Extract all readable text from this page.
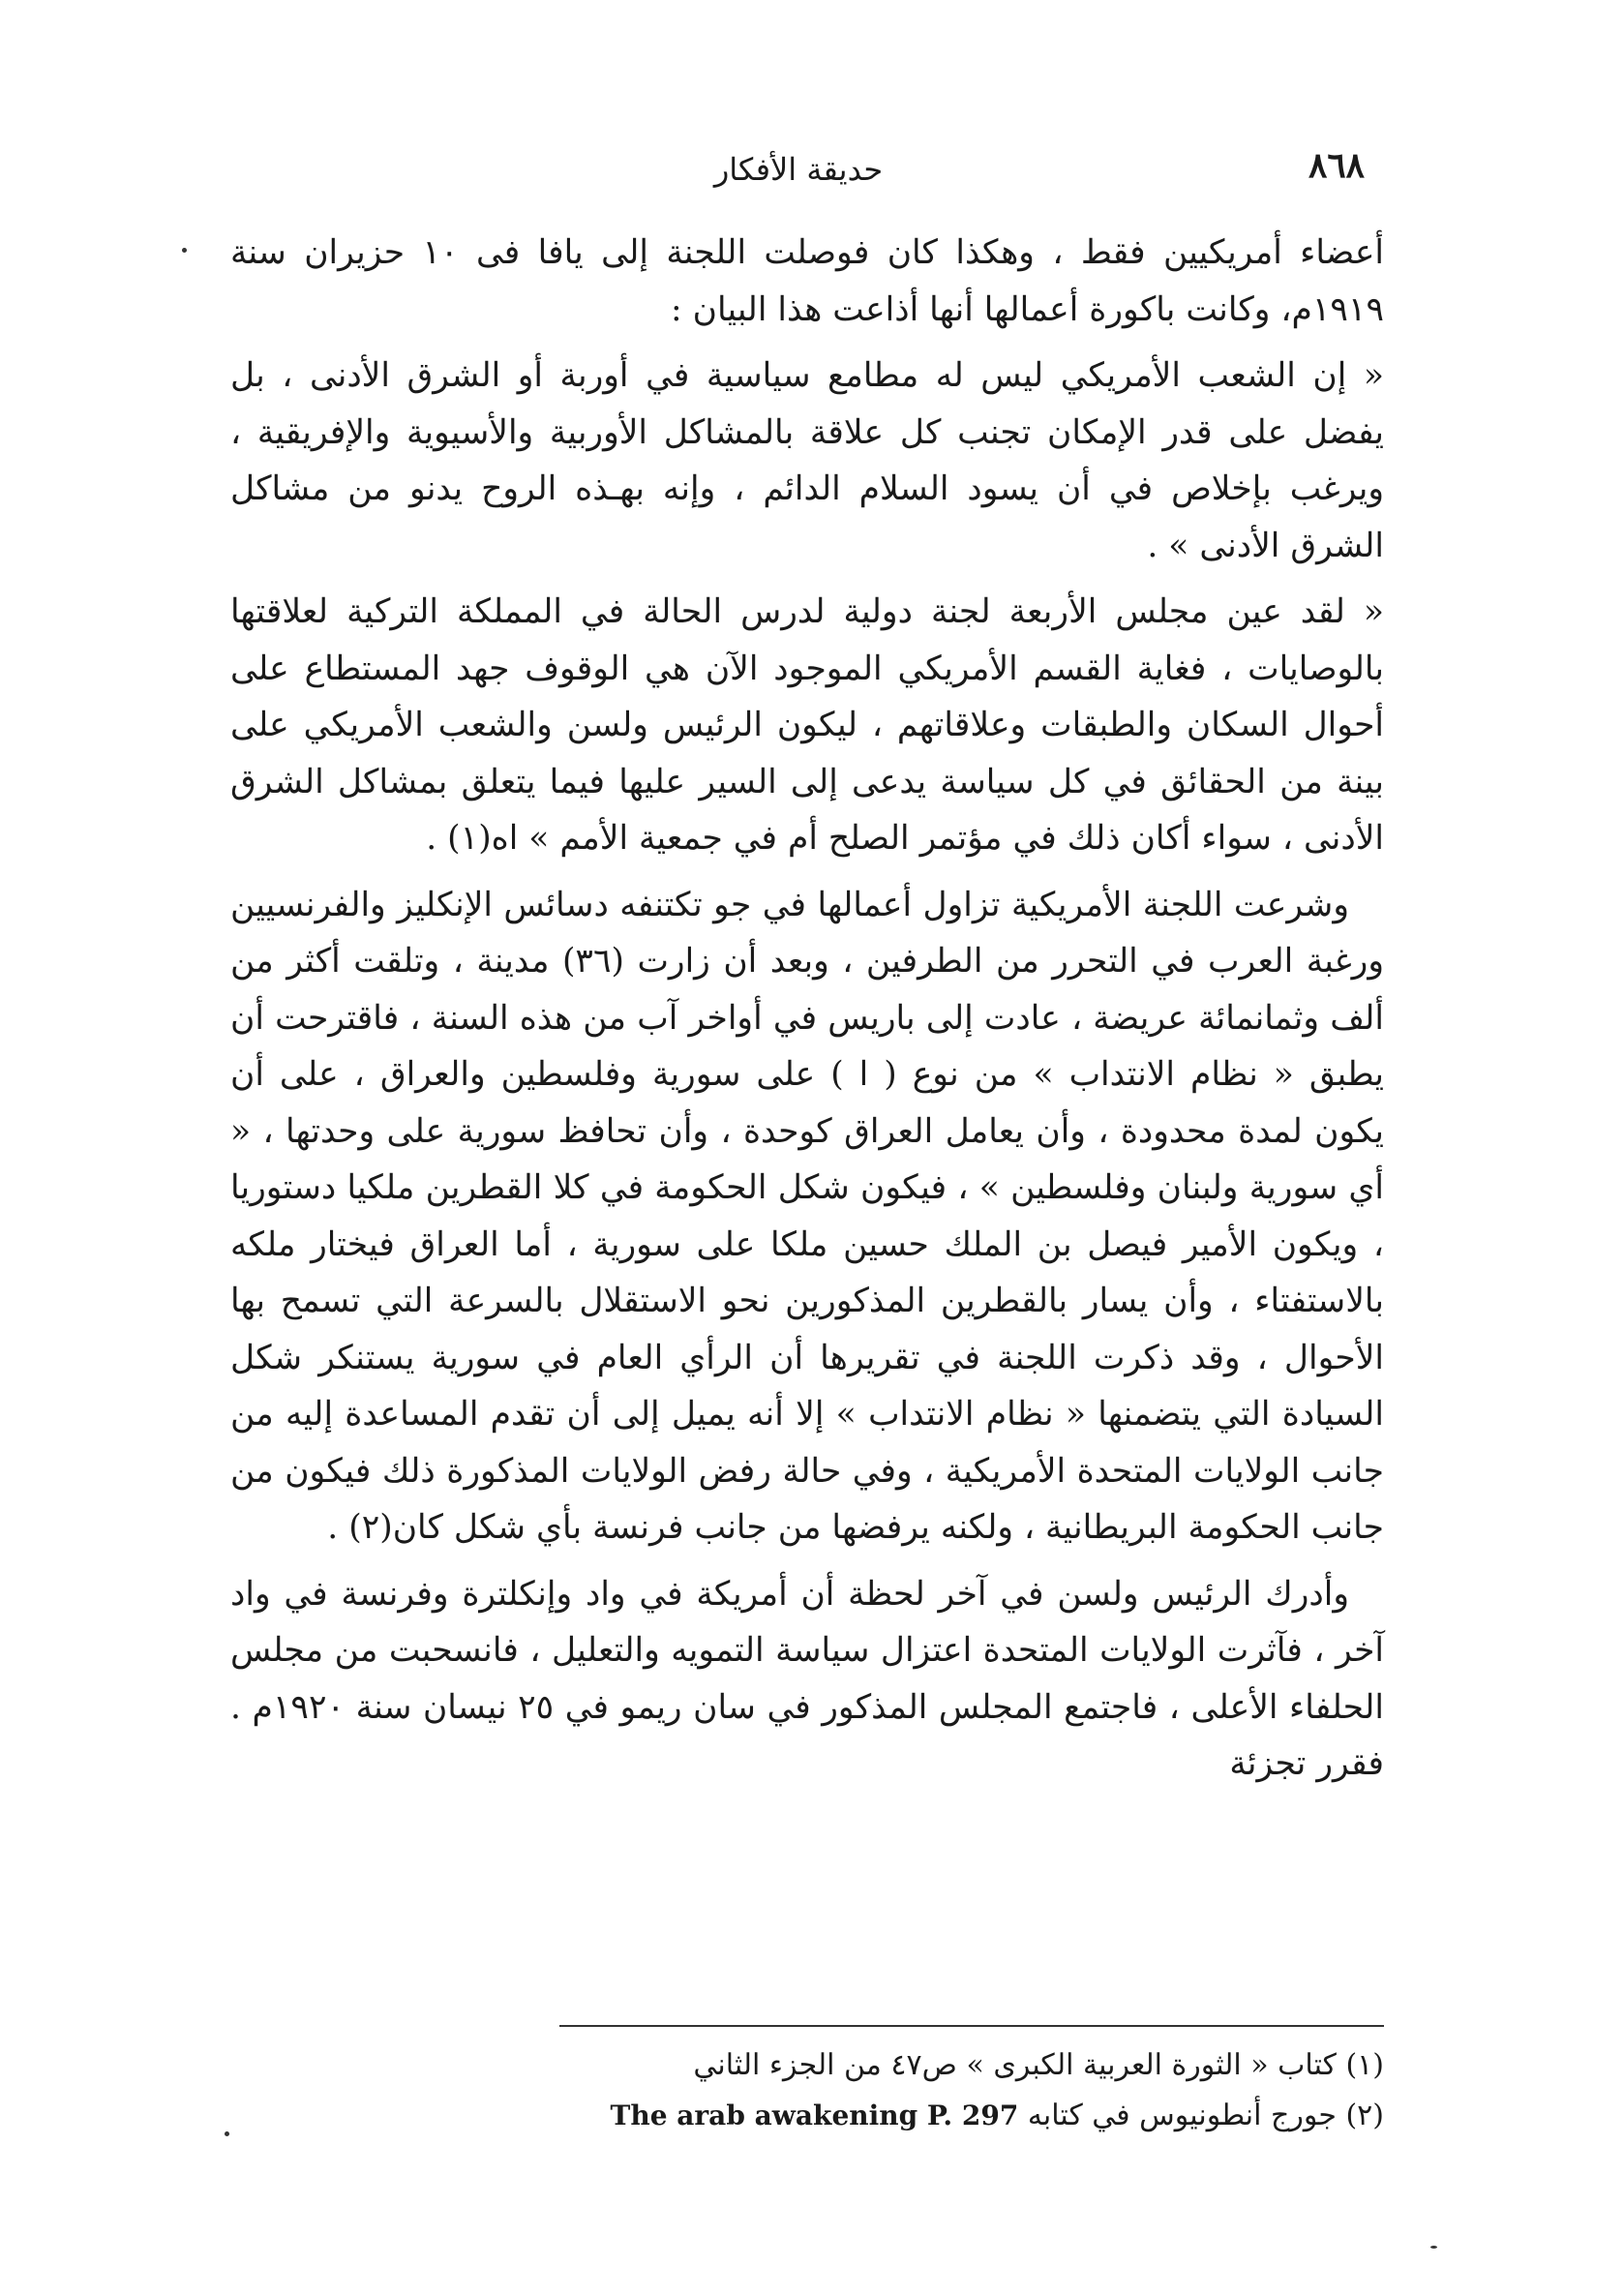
٨٦٨
حديقة الأفكار

أعضاء أمريكيين فقط ، وهكذا كان فوصلت اللجنة إلى يافا فى ١٠ حزيران سنة ١٩١٩م، وكانت باكورة أعمالها أنها أذاعت هذا البيان :

« إن الشعب الأمريكي ليس له مطامع سياسية في أوربة أو الشرق الأدنى ، بل يفضل على قدر الإمكان تجنب كل علاقة بالمشاكل الأوربية والأسيوية والإفريقية ، ويرغب بإخلاص في أن يسود السلام الدائم ، وإنه بهـذه الروح يدنو من مشاكل الشرق الأدنى » .

« لقد عين مجلس الأربعة لجنة دولية لدرس الحالة في المملكة التركية لعلاقتها بالوصايات ، فغاية القسم الأمريكي الموجود الآن هي الوقوف جهد المستطاع على أحوال السكان والطبقات وعلاقاتهم ، ليكون الرئيس ولسن والشعب الأمريكي على بينة من الحقائق في كل سياسة يدعى إلى السير عليها فيما يتعلق بمشاكل الشرق الأدنى ، سواء أكان ذلك في مؤتمر الصلح أم في جمعية الأمم » اه(١) .

وشرعت اللجنة الأمريكية تزاول أعمالها في جو تكتنفه دسائس الإنكليز والفرنسيين ورغبة العرب في التحرر من الطرفين ، وبعد أن زارت (٣٦) مدينة ، وتلقت أكثر من ألف وثمانمائة عريضة ، عادت إلى باريس في أواخر آب من هذه السنة ، فاقترحت أن يطبق « نظام الانتداب » من نوع ( ا ) على سورية وفلسطين والعراق ، على أن يكون لمدة محدودة ، وأن يعامل العراق كوحدة ، وأن تحافظ سورية على وحدتها ، « أي سورية ولبنان وفلسطين » ، فيكون شكل الحكومة في كلا القطرين ملكيا دستوريا ، ويكون الأمير فيصل بن الملك حسين ملكا على سورية ، أما العراق فيختار ملكه بالاستفتاء ، وأن يسار بالقطرين المذكورين نحو الاستقلال بالسرعة التي تسمح بها الأحوال ، وقد ذكرت اللجنة في تقريرها أن الرأي العام في سورية يستنكر شكل السيادة التي يتضمنها « نظام الانتداب » إلا أنه يميل إلى أن تقدم المساعدة إليه من جانب الولايات المتحدة الأمريكية ، وفي حالة رفض الولايات المذكورة ذلك فيكون من جانب الحكومة البريطانية ، ولكنه يرفضها من جانب فرنسة بأي شكل كان(٢) .

وأدرك الرئيس ولسن في آخر لحظة أن أمريكة في واد وإنكلترة وفرنسة في واد آخر ، فآثرت الولايات المتحدة اعتزال سياسة التمويه والتعليل ، فانسحبت من مجلس الحلفاء الأعلى ، فاجتمع المجلس المذكور في سان ريمو في ٢٥ نيسان سنة ١٩٢٠م . فقرر تجزئة

(١) كتاب « الثورة العربية الكبرى » ص٤٧ من الجزء الثاني

(٢) جورج أنطونيوس في كتابه The arab awakening P. 297
